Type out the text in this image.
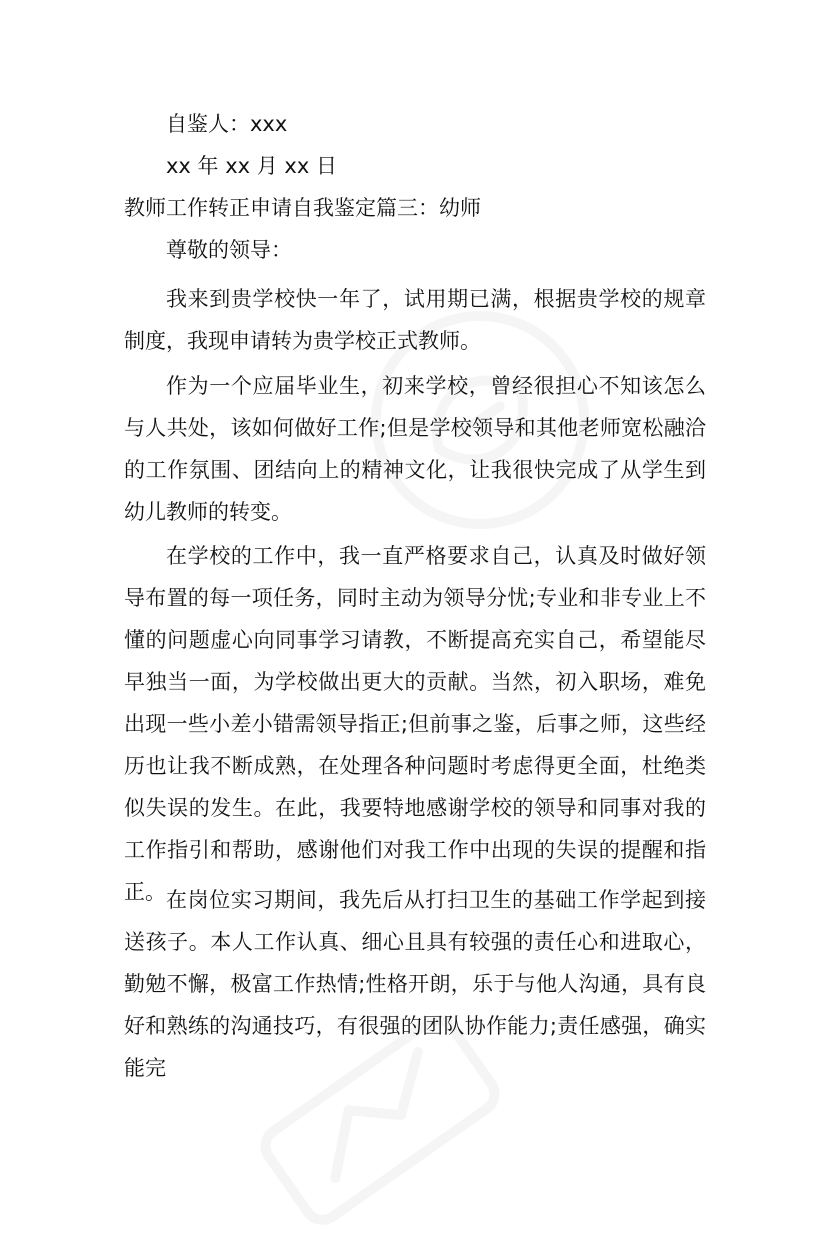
自鉴人：xxx
xx 年 xx 月 xx 日
教师工作转正申请自我鉴定篇三：幼师
尊敬的领导：
我来到贵学校快一年了，试用期已满，根据贵学校的规章制度，我现申请转为贵学校正式教师。
作为一个应届毕业生，初来学校，曾经很担心不知该怎么与人共处，该如何做好工作;但是学校领导和其他老师宽松融洽的工作氛围、团结向上的精神文化，让我很快完成了从学生到幼儿教师的转变。
在学校的工作中，我一直严格要求自己，认真及时做好领导布置的每一项任务，同时主动为领导分忧;专业和非专业上不懂的问题虚心向同事学习请教，不断提高充实自己，希望能尽早独当一面，为学校做出更大的贡献。当然，初入职场，难免出现一些小差小错需领导指正;但前事之鉴，后事之师，这些经历也让我不断成熟，在处理各种问题时考虑得更全面，杜绝类似失误的发生。在此，我要特地感谢学校的领导和同事对我的工作指引和帮助，感谢他们对我工作中出现的失误的提醒和指正。 在岗位实习期间，我先后从打扫卫生的基础工作学起到接送孩子。本人工作认真、细心且具有较强的责任心和进取心，勤勉不懈，极富工作热情;性格开朗，乐于与他人沟通，具有良好和熟练的沟通技巧，有很强的团队协作能力;责任感强，确实能完
